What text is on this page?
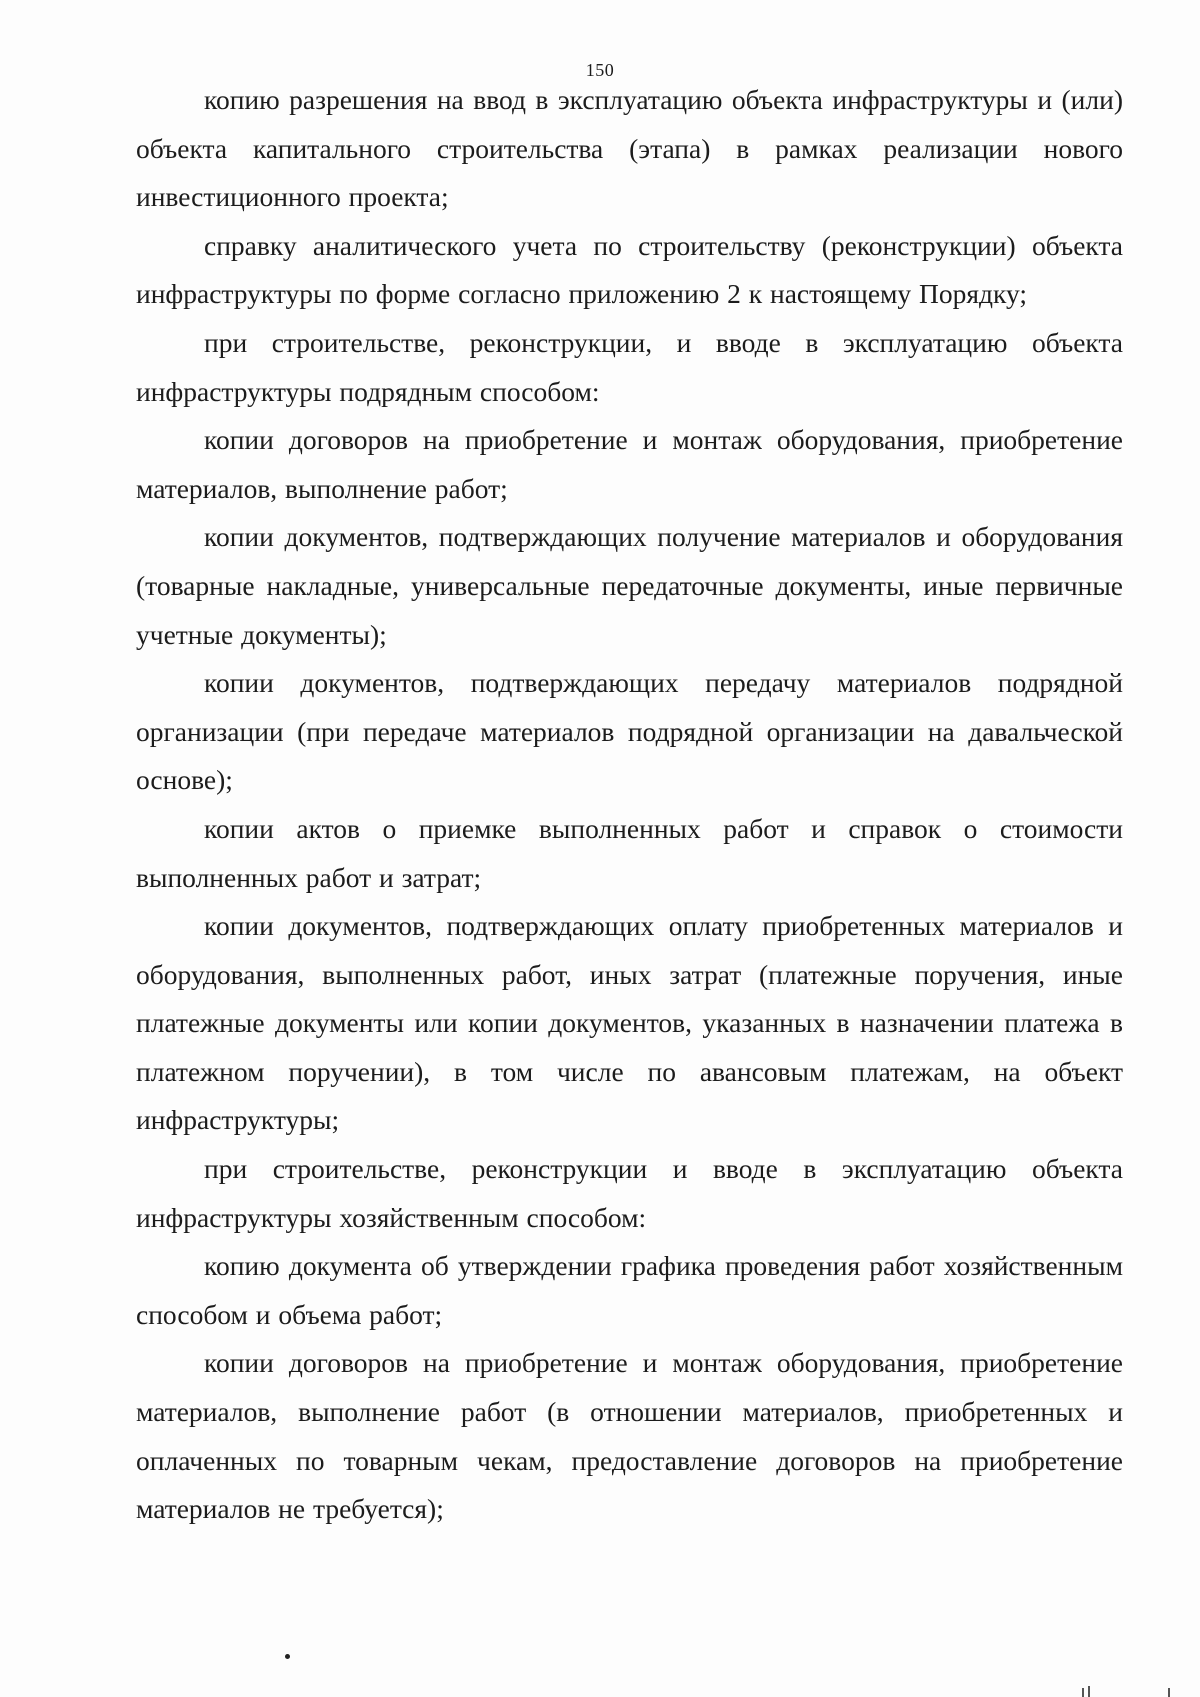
150

копию разрешения на ввод в эксплуатацию объекта инфраструктуры и (или) объекта капитального строительства (этапа) в рамках реализации нового инвестиционного проекта;

справку аналитического учета по строительству (реконструкции) объекта инфраструктуры по форме согласно приложению 2 к настоящему Порядку;

при строительстве, реконструкции, и вводе в эксплуатацию объекта инфраструктуры подрядным способом:

копии договоров на приобретение и монтаж оборудования, приобретение материалов, выполнение работ;

копии документов, подтверждающих получение материалов и оборудования (товарные накладные, универсальные передаточные документы, иные первичные учетные документы);

копии документов, подтверждающих передачу материалов подрядной организации (при передаче материалов подрядной организации на давальческой основе);

копии актов о приемке выполненных работ и справок о стоимости выполненных работ и затрат;

копии документов, подтверждающих оплату приобретенных материалов и оборудования, выполненных работ, иных затрат (платежные поручения, иные платежные документы или копии документов, указанных в назначении платежа в платежном поручении), в том числе по авансовым платежам, на объект инфраструктуры;

при строительстве, реконструкции и вводе в эксплуатацию объекта инфраструктуры хозяйственным способом:

копию документа об утверждении графика проведения работ хозяйственным способом и объема работ;

копии договоров на приобретение и монтаж оборудования, приобретение материалов, выполнение работ (в отношении материалов, приобретенных и оплаченных по товарным чекам, предоставление договоров на приобретение материалов не требуется);
